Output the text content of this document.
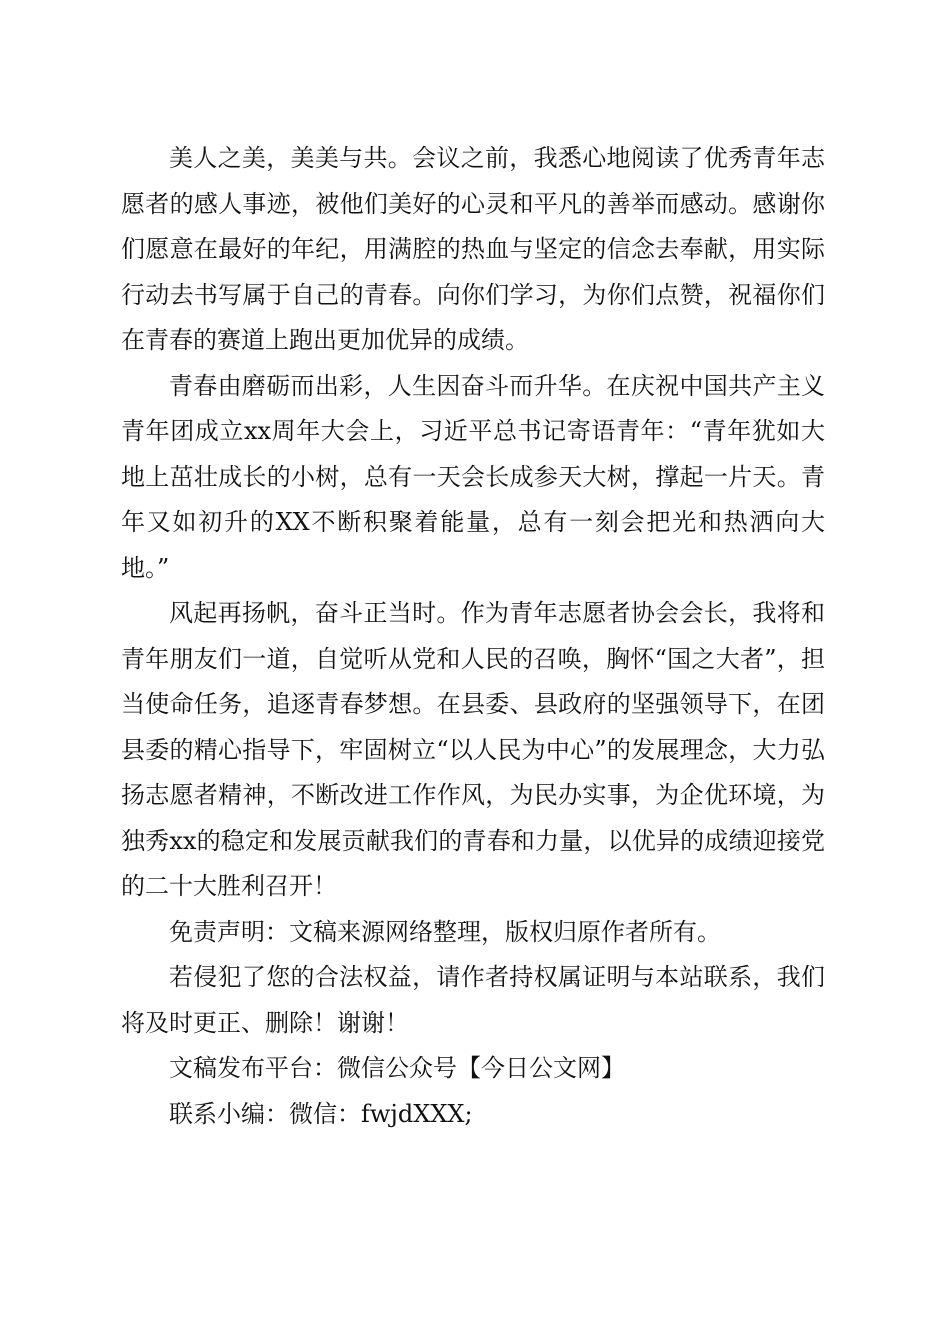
美人之美，美美与共。会议之前，我悉心地阅读了优秀青年志愿者的感人事迹，被他们美好的心灵和平凡的善举而感动。感谢你们愿意在最好的年纪，用满腔的热血与坚定的信念去奉献，用实际行动去书写属于自己的青春。向你们学习，为你们点赞，祝福你们在青春的赛道上跑出更加优异的成绩。

青春由磨砺而出彩，人生因奋斗而升华。在庆祝中国共产主义青年团成立xx周年大会上，习近平总书记寄语青年：“青年犹如大地上茁壮成长的小树，总有一天会长成参天大树，撑起一片天。青年又如初升的XX不断积聚着能量，总有一刻会把光和热洒向大地。”

风起再扬帆，奋斗正当时。作为青年志愿者协会会长，我将和青年朋友们一道，自觉听从党和人民的召唤，胸怀“国之大者”，担当使命任务，追逐青春梦想。在县委、县政府的坚强领导下，在团县委的精心指导下，牢固树立“以人民为中心”的发展理念，大力弘扬志愿者精神，不断改进工作作风，为民办实事，为企优环境，为独秀xx的稳定和发展贡献我们的青春和力量，以优异的成绩迎接党的二十大胜利召开！

免责声明：文稿来源网络整理，版权归原作者所有。

若侵犯了您的合法权益，请作者持权属证明与本站联系，我们将及时更正、删除！谢谢！

文稿发布平台：微信公众号【今日公文网】

联系小编：微信：fwjdXXX;
